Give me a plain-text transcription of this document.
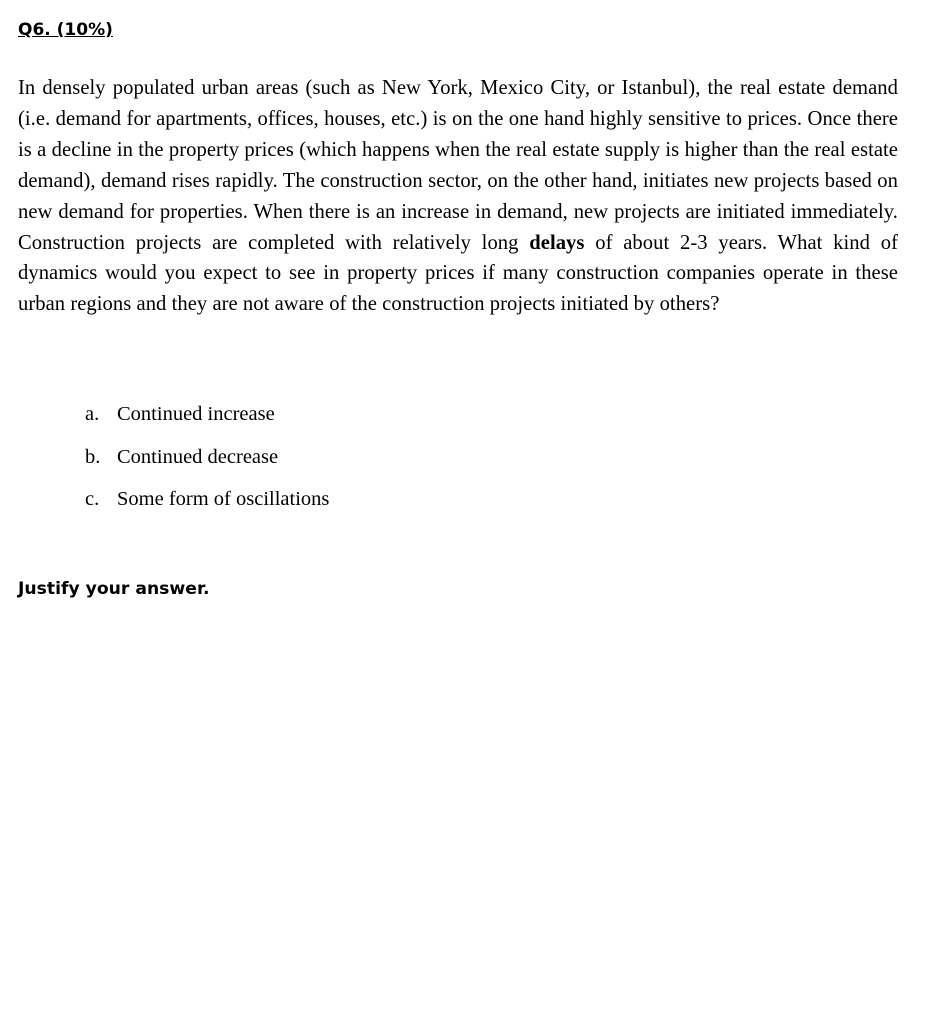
Q6. (10%)

In densely populated urban areas (such as New York, Mexico City, or Istanbul), the real estate demand (i.e. demand for apartments, offices, houses, etc.) is on the one hand highly sensitive to prices. Once there is a decline in the property prices (which happens when the real estate supply is higher than the real estate demand), demand rises rapidly. The construction sector, on the other hand, initiates new projects based on new demand for properties. When there is an increase in demand, new projects are initiated immediately. Construction projects are completed with relatively long delays of about 2-3 years. What kind of dynamics would you expect to see in property prices if many construction companies operate in these urban regions and they are not aware of the construction projects initiated by others?

a. Continued increase
b. Continued decrease
c. Some form of oscillations

Justify your answer.
